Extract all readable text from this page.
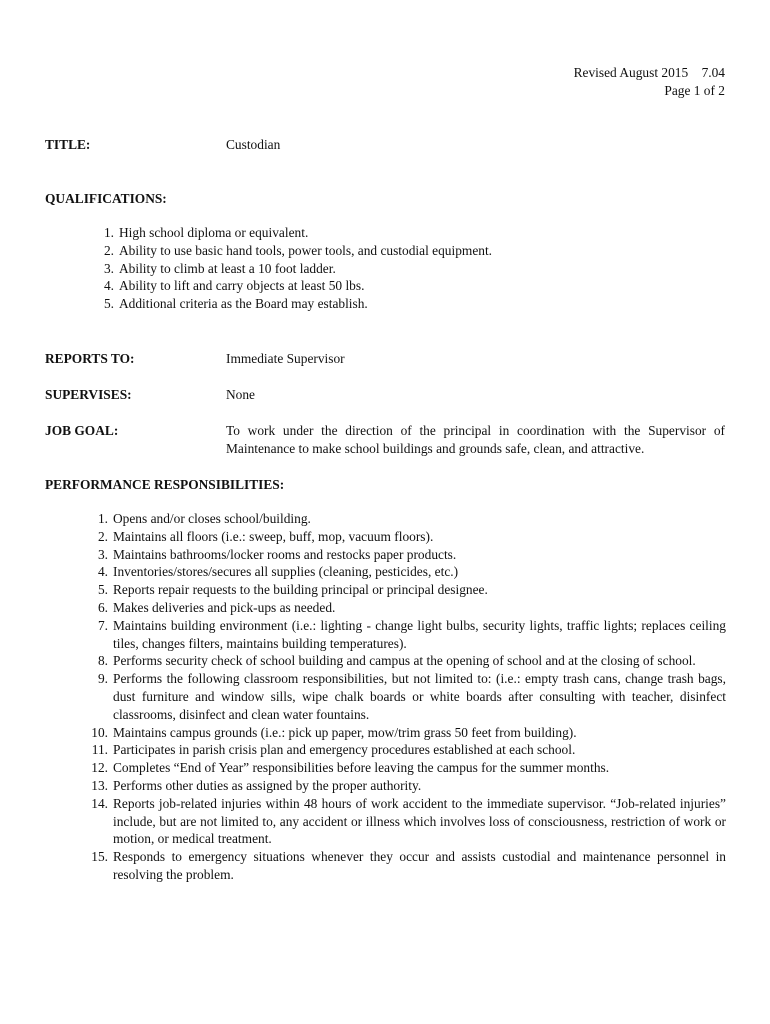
Revised August 2015    7.04
Page 1 of 2
TITLE:	Custodian
QUALIFICATIONS:
1. High school diploma or equivalent.
2. Ability to use basic hand tools, power tools, and custodial equipment.
3. Ability to climb at least a 10 foot ladder.
4. Ability to lift and carry objects at least 50 lbs.
5. Additional criteria as the Board may establish.
REPORTS TO:	Immediate Supervisor
SUPERVISES:	None
JOB GOAL:	To work under the direction of the principal in coordination with the Supervisor of Maintenance to make school buildings and grounds safe, clean, and attractive.
PERFORMANCE RESPONSIBILITIES:
1. Opens and/or closes school/building.
2. Maintains all floors (i.e.: sweep, buff, mop, vacuum floors).
3. Maintains bathrooms/locker rooms and restocks paper products.
4. Inventories/stores/secures all supplies (cleaning, pesticides, etc.)
5. Reports repair requests to the building principal or principal designee.
6. Makes deliveries and pick-ups as needed.
7. Maintains building environment (i.e.: lighting - change light bulbs, security lights, traffic lights; replaces ceiling tiles, changes filters, maintains building temperatures).
8. Performs security check of school building and campus at the opening of school and at the closing of school.
9. Performs the following classroom responsibilities, but not limited to: (i.e.: empty trash cans, change trash bags, dust furniture and window sills, wipe chalk boards or white boards after consulting with teacher, disinfect classrooms, disinfect and clean water fountains.
10. Maintains campus grounds (i.e.: pick up paper, mow/trim grass 50 feet from building).
11. Participates in parish crisis plan and emergency procedures established at each school.
12. Completes “End of Year” responsibilities before leaving the campus for the summer months.
13. Performs other duties as assigned by the proper authority.
14. Reports job-related injuries within 48 hours of work accident to the immediate supervisor. “Job-related injuries” include, but are not limited to, any accident or illness which involves loss of consciousness, restriction of work or motion, or medical treatment.
15. Responds to emergency situations whenever they occur and assists custodial and maintenance personnel in resolving the problem.
